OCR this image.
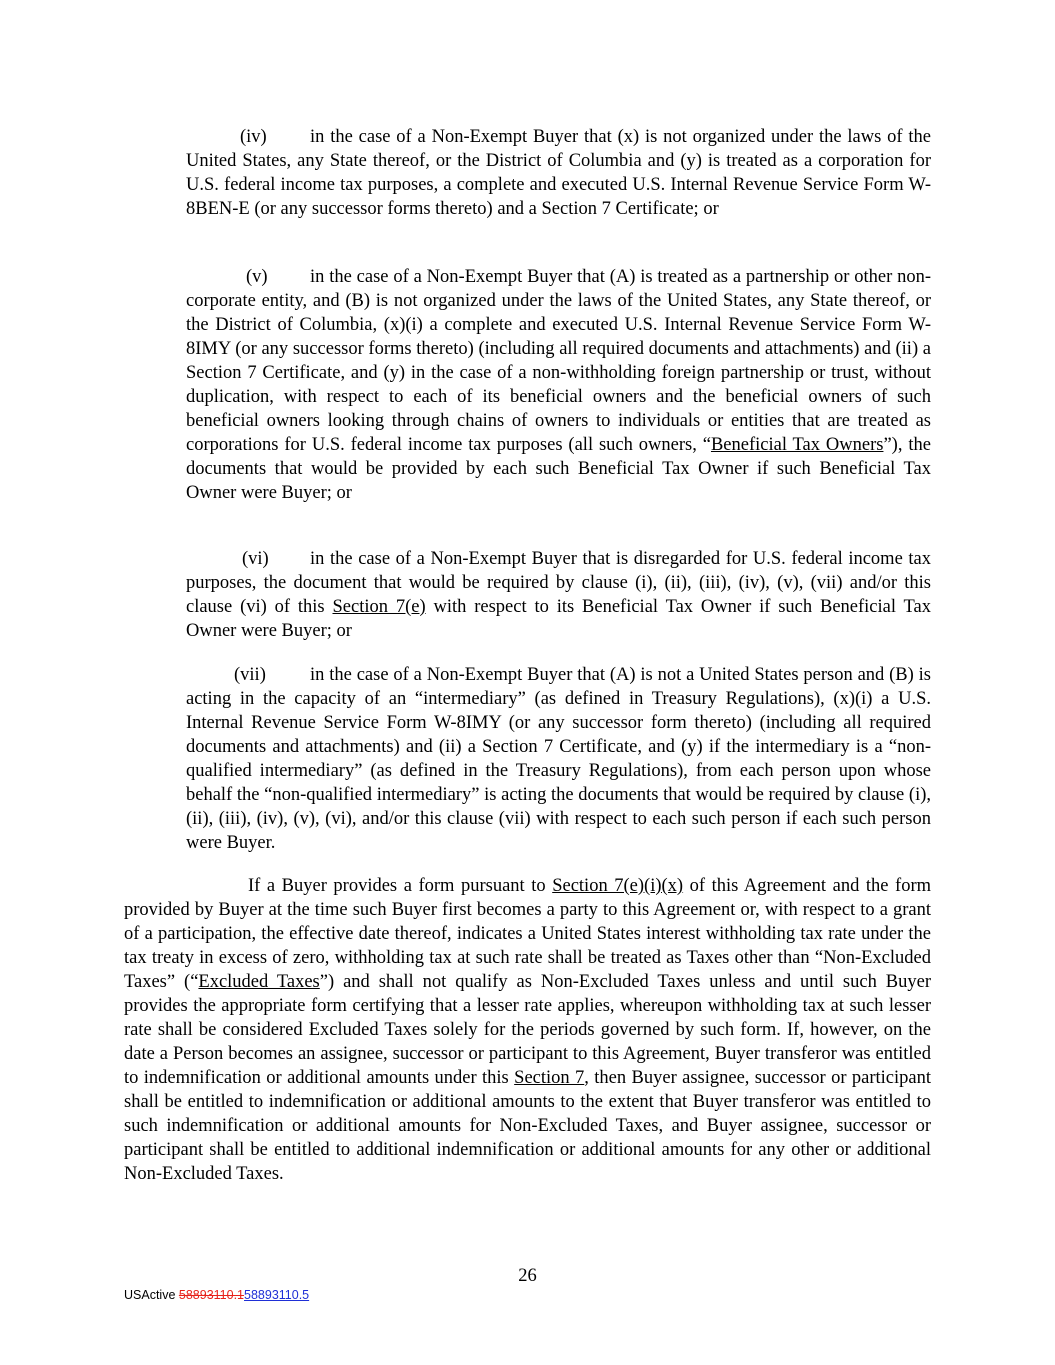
(iv) in the case of a Non-Exempt Buyer that (x) is not organized under the laws of the United States, any State thereof, or the District of Columbia and (y) is treated as a corporation for U.S. federal income tax purposes, a complete and executed U.S. Internal Revenue Service Form W-8BEN-E (or any successor forms thereto) and a Section 7 Certificate; or

(v) in the case of a Non-Exempt Buyer that (A) is treated as a partnership or other non-corporate entity, and (B) is not organized under the laws of the United States, any State thereof, or the District of Columbia, (x)(i) a complete and executed U.S. Internal Revenue Service Form W-8IMY (or any successor forms thereto) (including all required documents and attachments) and (ii) a Section 7 Certificate, and (y) in the case of a non-withholding foreign partnership or trust, without duplication, with respect to each of its beneficial owners and the beneficial owners of such beneficial owners looking through chains of owners to individuals or entities that are treated as corporations for U.S. federal income tax purposes (all such owners, “Beneficial Tax Owners”), the documents that would be provided by each such Beneficial Tax Owner if such Beneficial Tax Owner were Buyer; or

(vi) in the case of a Non-Exempt Buyer that is disregarded for U.S. federal income tax purposes, the document that would be required by clause (i), (ii), (iii), (iv), (v), (vii) and/or this clause (vi) of this Section 7(e) with respect to its Beneficial Tax Owner if such Beneficial Tax Owner were Buyer; or

(vii) in the case of a Non-Exempt Buyer that (A) is not a United States person and (B) is acting in the capacity of an “intermediary” (as defined in Treasury Regulations), (x)(i) a U.S. Internal Revenue Service Form W-8IMY (or any successor form thereto) (including all required documents and attachments) and (ii) a Section 7 Certificate, and (y) if the intermediary is a “non-qualified intermediary” (as defined in the Treasury Regulations), from each person upon whose behalf the “non-qualified intermediary” is acting the documents that would be required by clause (i), (ii), (iii), (iv), (v), (vi), and/or this clause (vii) with respect to each such person if each such person were Buyer.

If a Buyer provides a form pursuant to Section 7(e)(i)(x) of this Agreement and the form provided by Buyer at the time such Buyer first becomes a party to this Agreement or, with respect to a grant of a participation, the effective date thereof, indicates a United States interest withholding tax rate under the tax treaty in excess of zero, withholding tax at such rate shall be treated as Taxes other than “Non-Excluded Taxes” (“Excluded Taxes”) and shall not qualify as Non-Excluded Taxes unless and until such Buyer provides the appropriate form certifying that a lesser rate applies, whereupon withholding tax at such lesser rate shall be considered Excluded Taxes solely for the periods governed by such form. If, however, on the date a Person becomes an assignee, successor or participant to this Agreement, Buyer transferor was entitled to indemnification or additional amounts under this Section 7, then Buyer assignee, successor or participant shall be entitled to indemnification or additional amounts to the extent that Buyer transferor was entitled to such indemnification or additional amounts for Non-Excluded Taxes, and Buyer assignee, successor or participant shall be entitled to additional indemnification or additional amounts for any other or additional Non-Excluded Taxes.

26
USActive 58893110.158893110.5
